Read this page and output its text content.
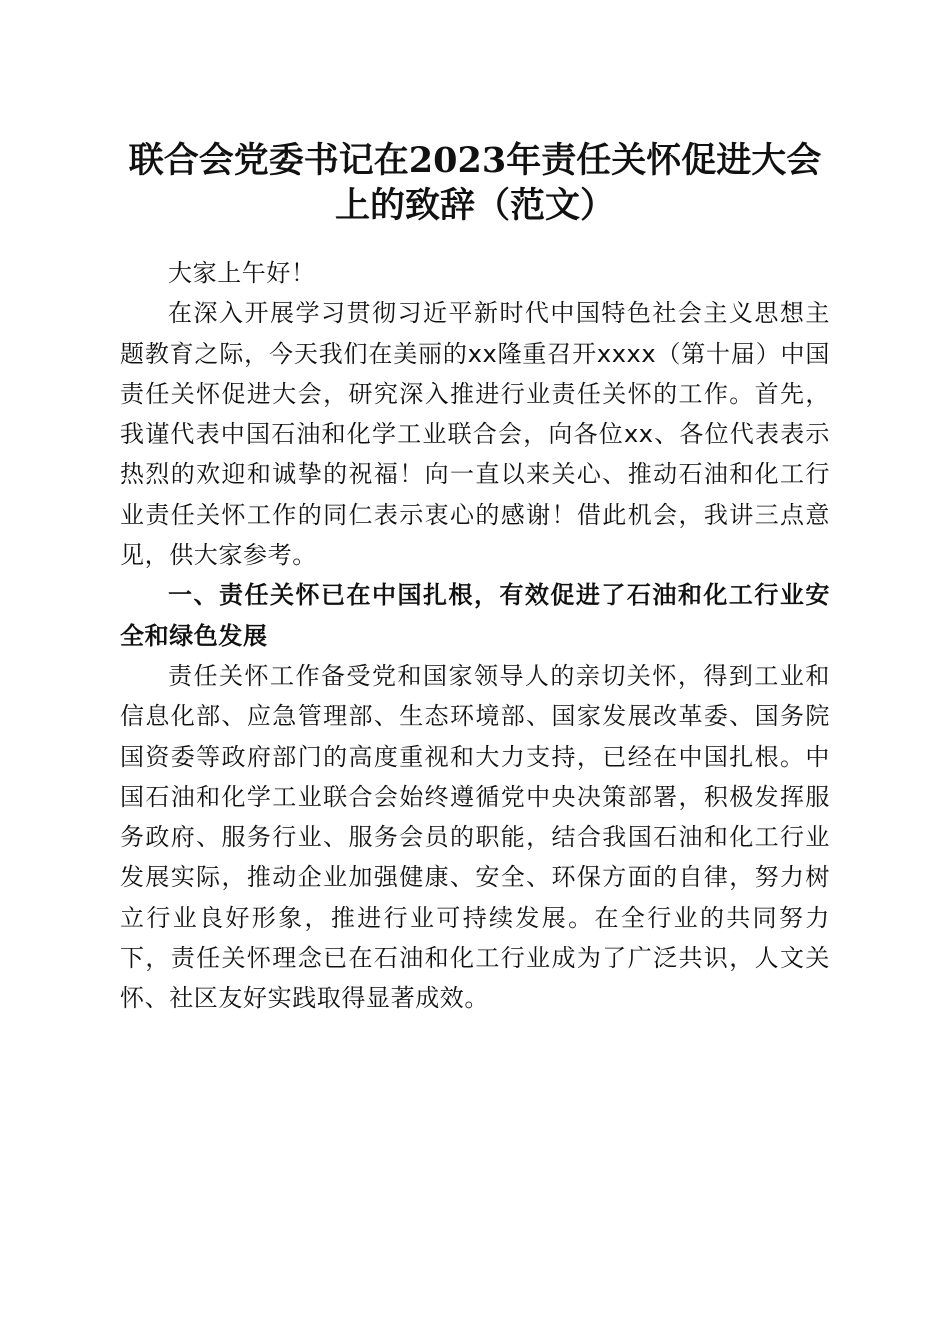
联合会党委书记在2023年责任关怀促进大会
上的致辞（范文）

大家上午好！

在深入开展学习贯彻习近平新时代中国特色社会主义思想主题教育之际，今天我们在美丽的xx隆重召开xxxx（第十届）中国责任关怀促进大会，研究深入推进行业责任关怀的工作。首先，我谨代表中国石油和化学工业联合会，向各位xx、各位代表表示热烈的欢迎和诚挚的祝福！向一直以来关心、推动石油和化工行业责任关怀工作的同仁表示衷心的感谢！借此机会，我讲三点意见，供大家参考。

一、责任关怀已在中国扎根，有效促进了石油和化工行业安全和绿色发展

责任关怀工作备受党和国家领导人的亲切关怀，得到工业和信息化部、应急管理部、生态环境部、国家发展改革委、国务院国资委等政府部门的高度重视和大力支持，已经在中国扎根。中国石油和化学工业联合会始终遵循党中央决策部署，积极发挥服务政府、服务行业、服务会员的职能，结合我国石油和化工行业发展实际，推动企业加强健康、安全、环保方面的自律，努力树立行业良好形象，推进行业可持续发展。在全行业的共同努力下，责任关怀理念已在石油和化工行业成为了广泛共识，人文关怀、社区友好实践取得显著成效。
